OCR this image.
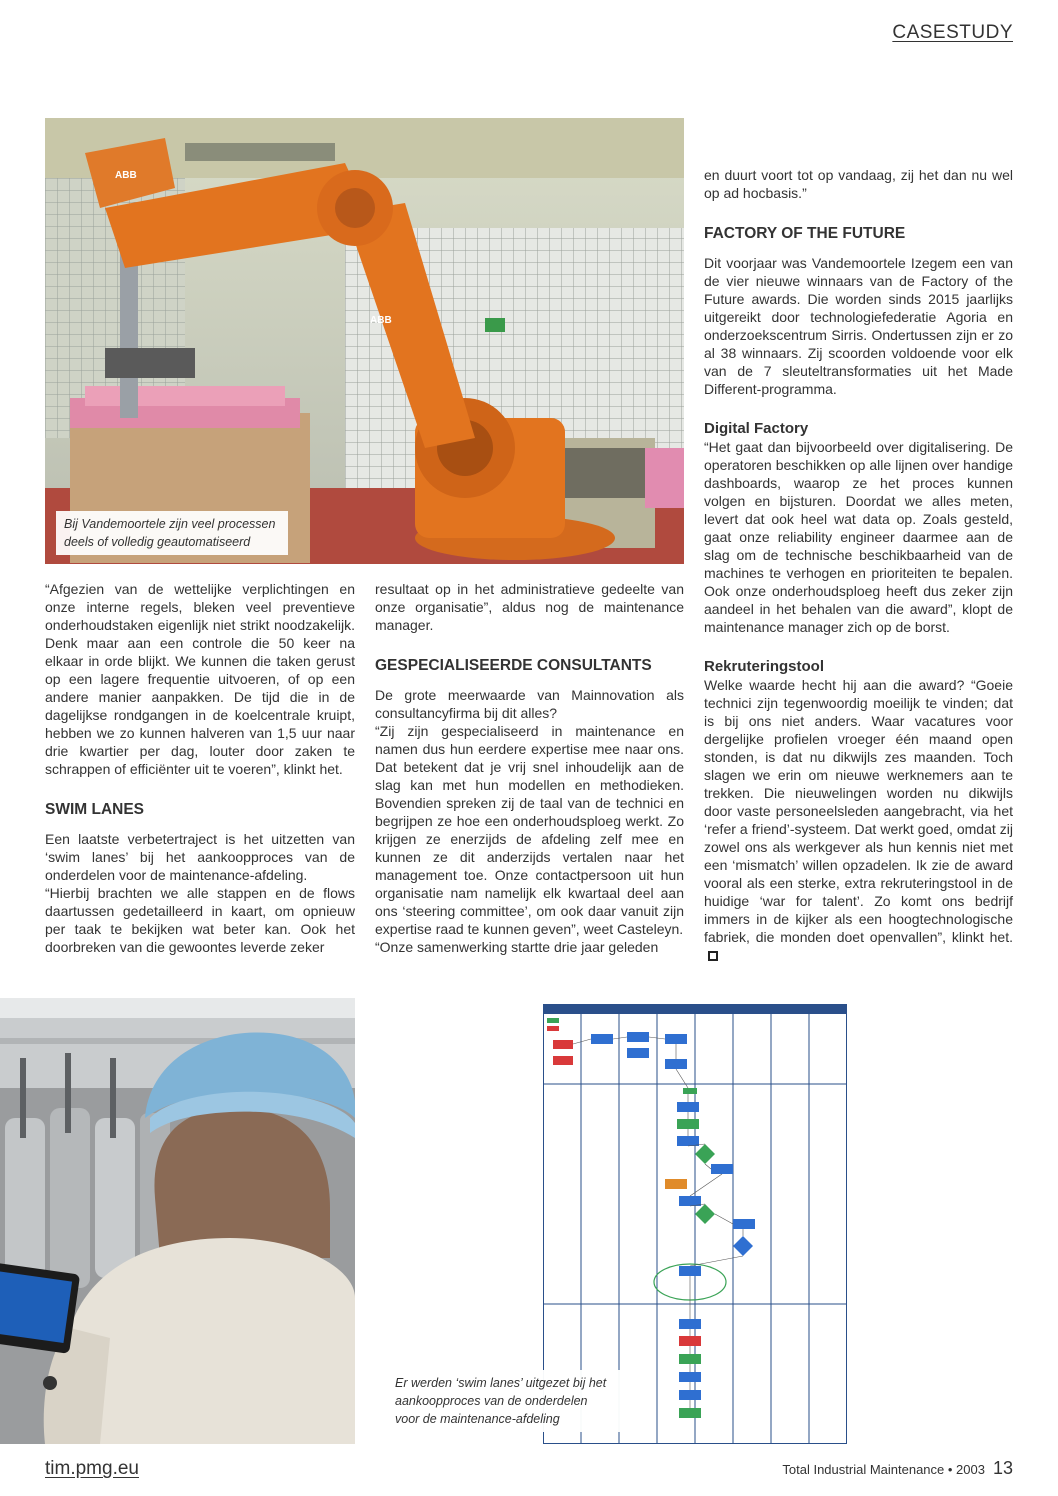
CASESTUDY
ABB
ABB
Bij Vandemoortele zijn veel processen
deels of volledig geautomatiseerd

“Afgezien van de wettelijke verplichtingen en onze interne regels, bleken veel preventieve onderhoudstaken eigenlijk niet strikt noodzakelijk. Denk maar aan een controle die 50 keer na elkaar in orde blijkt. We kunnen die taken gerust op een lagere frequentie uitvoeren, of op een andere manier aanpakken. De tijd die in de dagelijkse rondgangen in de koelcentrale kruipt, hebben we zo kunnen halveren van 1,5 uur naar drie kwartier per dag, louter door zaken te schrappen of efficiënter uit te voeren”, klinkt het.

SWIM LANES

Een laatste verbetertraject is het uitzetten van ‘swim lanes’ bij het aankoopproces van de onderdelen voor de maintenance-afdeling.

“Hierbij brachten we alle stappen en de flows daartussen gedetailleerd in kaart, om opnieuw per taak te bekijken wat beter kan. Ook het doorbreken van die gewoontes leverde zeker

resultaat op in het administratieve gedeelte van onze organisatie”, aldus nog de maintenance manager.

GESPECIALISEERDE CONSULTANTS

De grote meerwaarde van Mainnovation als consultancyfirma bij dit alles?

“Zij zijn gespecialiseerd in maintenance en namen dus hun eerdere expertise mee naar ons. Dat betekent dat je vrij snel inhoudelijk aan de slag kan met hun modellen en methodieken. Bovendien spreken zij de taal van de technici en begrijpen ze hoe een onderhoudsploeg werkt. Zo krijgen ze enerzijds de afdeling zelf mee en kunnen ze dit anderzijds vertalen naar het management toe. Onze contactpersoon uit hun organisatie nam namelijk elk kwartaal deel aan ons ‘steering committee’, om ook daar vanuit zijn expertise raad te kunnen geven”, weet Casteleyn.

“Onze samenwerking startte drie jaar geleden

en duurt voort tot op vandaag, zij het dan nu wel op ad hocbasis.”

FACTORY OF THE FUTURE

Dit voorjaar was Vandemoortele Izegem een van de vier nieuwe winnaars van de Factory of the Future awards. Die worden sinds 2015 jaarlijks uitgereikt door technologiefederatie Agoria en onderzoekscentrum Sirris. Ondertussen zijn er zo al 38 winnaars. Zij scoorden voldoende voor elk van de 7 sleuteltransformaties uit het Made Different-programma.

Digital Factory

“Het gaat dan bijvoorbeeld over digitalisering. De operatoren beschikken op alle lijnen over handige dashboards, waarop ze het proces kunnen volgen en bijsturen. Doordat we alles meten, levert dat ook heel wat data op. Zoals gesteld, gaat onze reliability engineer daarmee aan de slag om de technische beschikbaarheid van de machines te verhogen en prioriteiten te bepalen. Ook onze onderhoudsploeg heeft dus zeker zijn aandeel in het behalen van die award”, klopt de maintenance manager zich op de borst.

Rekruteringstool

Welke waarde hecht hij aan die award? “Goeie technici zijn tegenwoordig moeilijk te vinden; dat is bij ons niet anders. Waar vacatures voor dergelijke profielen vroeger één maand open stonden, is dat nu dikwijls zes maanden. Toch slagen we erin om nieuwe werknemers aan te trekken. Die nieuwelingen worden nu dikwijls door vaste personeelsleden aangebracht, via het ‘refer a friend’-systeem. Dat werkt goed, omdat zij zowel ons als werkgever als hun kennis niet met een ‘mismatch’ willen opzadelen. Ik zie de award vooral als een sterke, extra rekruteringstool in de huidige ‘war for talent’. Zo komt ons bedrijf immers in de kijker als een hoogtechnologische fabriek, die monden doet openvallen”, klinkt het.

Er werden ‘swim lanes’ uitgezet bij het
aankoopproces van de onderdelen
voor de maintenance-afdeling
tim.pmg.eu	Total Industrial Maintenance • 2003 13
